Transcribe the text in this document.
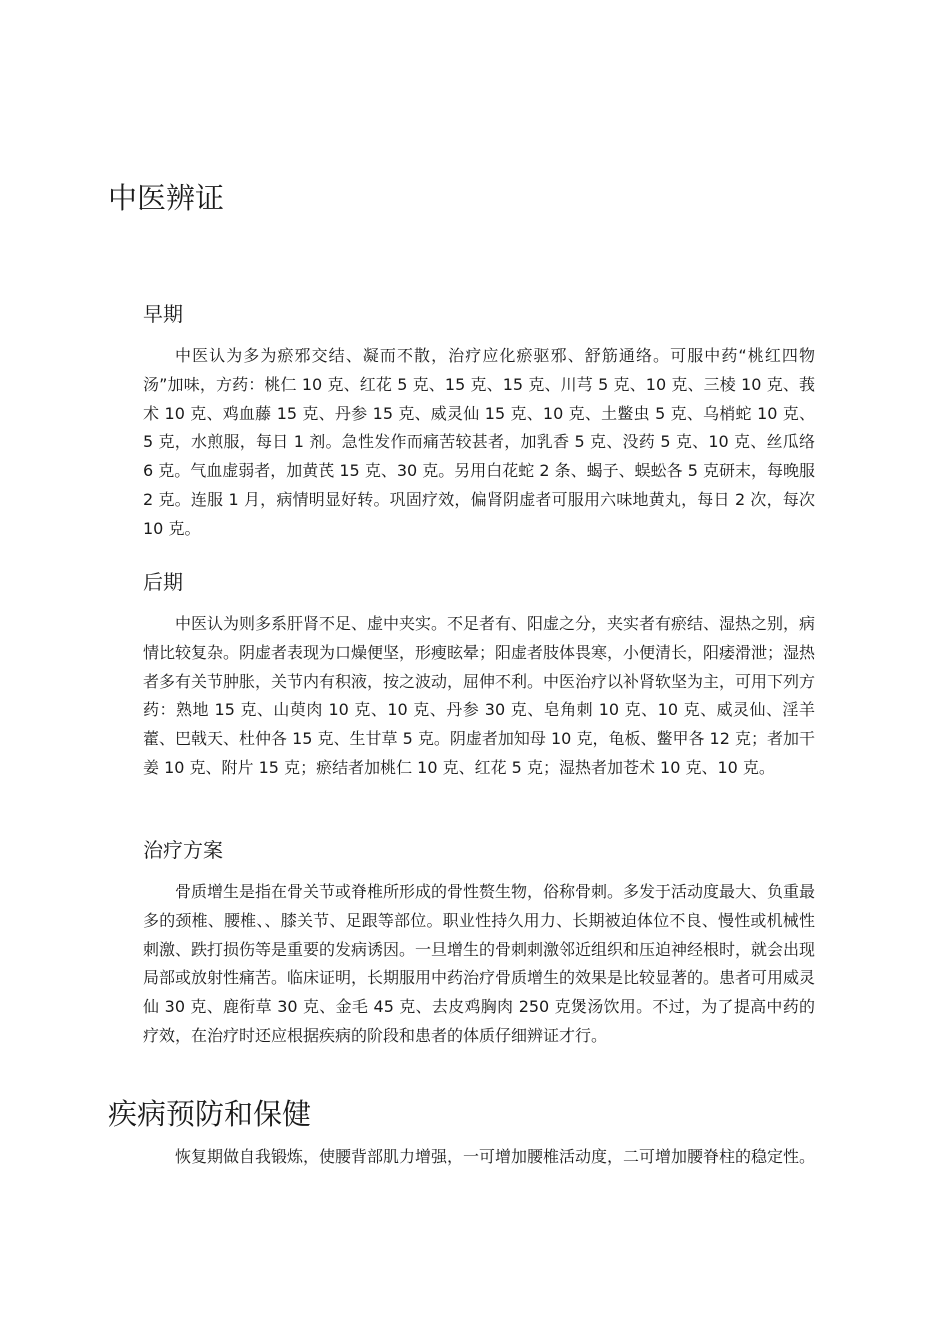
中医辨证
早期

中医认为多为瘀邪交结、凝而不散，治疗应化瘀驱邪、舒筋通络。可服中药“桃红四物汤”加味，方药：桃仁 10 克、红花 5 克、15 克、15 克、川芎 5 克、10 克、三棱 10 克、莪术 10 克、鸡血藤 15 克、丹参 15 克、威灵仙 15 克、10 克、土鳖虫 5 克、乌梢蛇 10 克、5 克，水煎服，每日 1 剂。急性发作而痛苦较甚者，加乳香 5 克、没药 5 克、10 克、丝瓜络 6 克。气血虚弱者，加黄芪 15 克、30 克。另用白花蛇 2 条、蝎子、蜈蚣各 5 克研末，每晚服 2 克。连服 1 月，病情明显好转。巩固疗效，偏肾阴虚者可服用六味地黄丸，每日 2 次，每次 10 克。

后期

中医认为则多系肝肾不足、虚中夹实。不足者有、阳虚之分，夹实者有瘀结、湿热之别，病情比较复杂。阴虚者表现为口燥便坚，形瘦眩晕；阳虚者肢体畏寒，小便清长，阳痿滑泄；湿热者多有关节肿胀，关节内有积液，按之波动，屈伸不利。中医治疗以补肾软坚为主，可用下列方药：熟地 15 克、山萸肉 10 克、10 克、丹参 30 克、皂角刺 10 克、10 克、威灵仙、淫羊藿、巴戟天、杜仲各 15 克、生甘草 5 克。阴虚者加知母 10 克，龟板、鳖甲各 12 克；者加干姜 10 克、附片 15 克；瘀结者加桃仁 10 克、红花 5 克；湿热者加苍术 10 克、10 克。

治疗方案

骨质增生是指在骨关节或脊椎所形成的骨性赘生物，俗称骨刺。多发于活动度最大、负重最多的颈椎、腰椎、、膝关节、足跟等部位。职业性持久用力、长期被迫体位不良、慢性或机械性刺激、跌打损伤等是重要的发病诱因。一旦增生的骨刺刺激邻近组织和压迫神经根时，就会出现局部或放射性痛苦。临床证明，长期服用中药治疗骨质增生的效果是比较显著的。患者可用威灵仙 30 克、鹿衔草 30 克、金毛 45 克、去皮鸡胸肉 250 克煲汤饮用。不过，为了提高中药的疗效，在治疗时还应根据疾病的阶段和患者的体质仔细辨证才行。

疾病预防和保健

恢复期做自我锻炼，使腰背部肌力增强，一可增加腰椎活动度，二可增加腰脊柱的稳定性。
